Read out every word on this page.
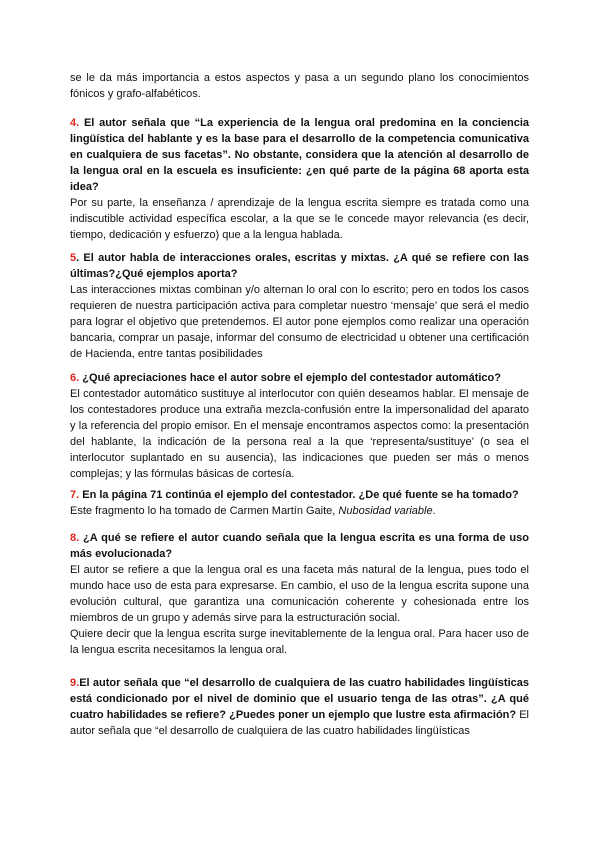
se le da más importancia a estos aspectos y pasa a un segundo plano los conocimientos fónicos y grafo-alfabéticos.

4. El autor señala que “La experiencia de la lengua oral predomina en la conciencia lingüística del hablante y es la base para el desarrollo de la competencia comunicativa en cualquiera de sus facetas”. No obstante, considera que la atención al desarrollo de la lengua oral en la escuela es insuficiente: ¿en qué parte de la página 68 aporta esta idea?

Por su parte, la enseñanza / aprendizaje de la lengua escrita siempre es tratada como una indiscutible actividad específica escolar, a la que se le concede mayor relevancia (es decir, tiempo, dedicación y esfuerzo) que a la lengua hablada.

5. El autor habla de interacciones orales, escritas y mixtas. ¿A qué se refiere con las últimas?¿Qué ejemplos aporta?

Las interacciones mixtas combinan y/o alternan lo oral con lo escrito; pero en todos los casos requieren de nuestra participación activa para completar nuestro ‘mensaje’ que será el medio para lograr el objetivo que pretendemos. El autor pone ejemplos como realizar una operación bancaria, comprar un pasaje, informar del consumo de electricidad u obtener una certificación de Hacienda, entre tantas posibilidades

6. ¿Qué apreciaciones hace el autor sobre el ejemplo del contestador automático?

El contestador automático sustituye al interlocutor con quién deseamos hablar. El mensaje de los contestadores produce una extraña mezcla-confusión entre la impersonalidad del aparato y la referencia del propio emisor. En el mensaje encontramos aspectos como: la presentación del hablante, la indicación de la persona real a la que ‘representa/sustituye’ (o sea el interlocutor suplantado en su ausencia), las indicaciones que pueden ser más o menos complejas; y las fórmulas básicas de cortesía.

7. En la página 71 continúa el ejemplo del contestador. ¿De qué fuente se ha tomado?

Este fragmento lo ha tomado de Carmen Martín Gaite, Nubosidad variable.

8. ¿A qué se refiere el autor cuando señala que la lengua escrita es una forma de uso más evolucionada?

El autor se refiere a que la lengua oral es una faceta más natural de la lengua, pues todo el mundo hace uso de esta para expresarse. En cambio, el uso de la lengua escrita supone una evolución cultural, que garantiza una comunicación coherente y cohesionada entre los miembros de un grupo y además sirve para la estructuración social.

Quiere decir que la lengua escrita surge inevitablemente de la lengua oral. Para hacer uso de la lengua escrita necesitamos la lengua oral.

9.El autor señala que “el desarrollo de cualquiera de las cuatro habilidades lingüísticas está condicionado por el nivel de dominio que el usuario tenga de las otras”. ¿A qué cuatro habilidades se refiere? ¿Puedes poner un ejemplo que lustre esta afirmación? El autor señala que “el desarrollo de cualquiera de las cuatro habilidades lingüísticas
